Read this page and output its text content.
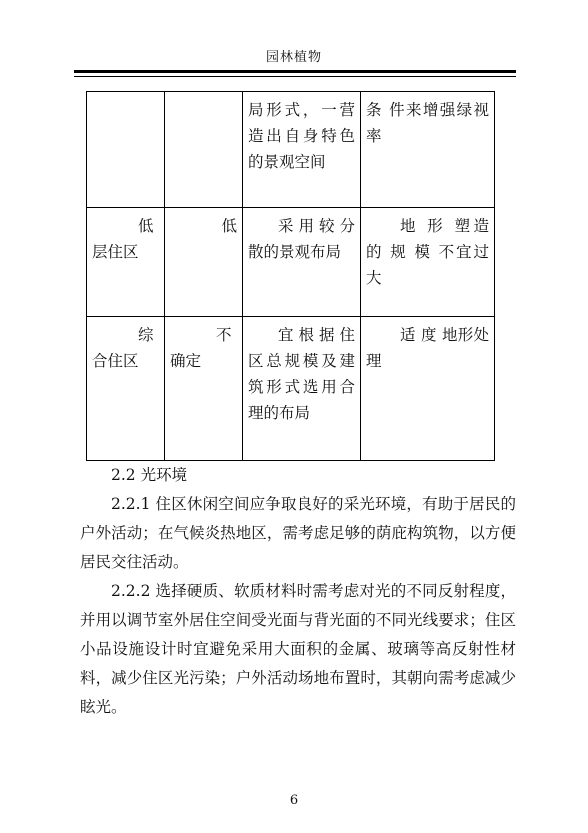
园林植物

		局形式，一营造出自身特色的景观空间	条 件来增强绿视率

低层住区	低	采用较分散的景观布局	地 形 塑造 的 规 模 不宜过大

综合住区	不确定	宜根据住区总规模及建筑形式选用合理的布局	适 度 地形处理

2.2 光环境

2.2.1 住区休闲空间应争取良好的采光环境，有助于居民的户外活动；在气候炎热地区，需考虑足够的荫庇构筑物，以方便居民交往活动。

2.2.2 选择硬质、软质材料时需考虑对光的不同反射程度，并用以调节室外居住空间受光面与背光面的不同光线要求；住区小品设施设计时宜避免采用大面积的金属、玻璃等高反射性材料，减少住区光污染；户外活动场地布置时，其朝向需考虑减少眩光。

6
